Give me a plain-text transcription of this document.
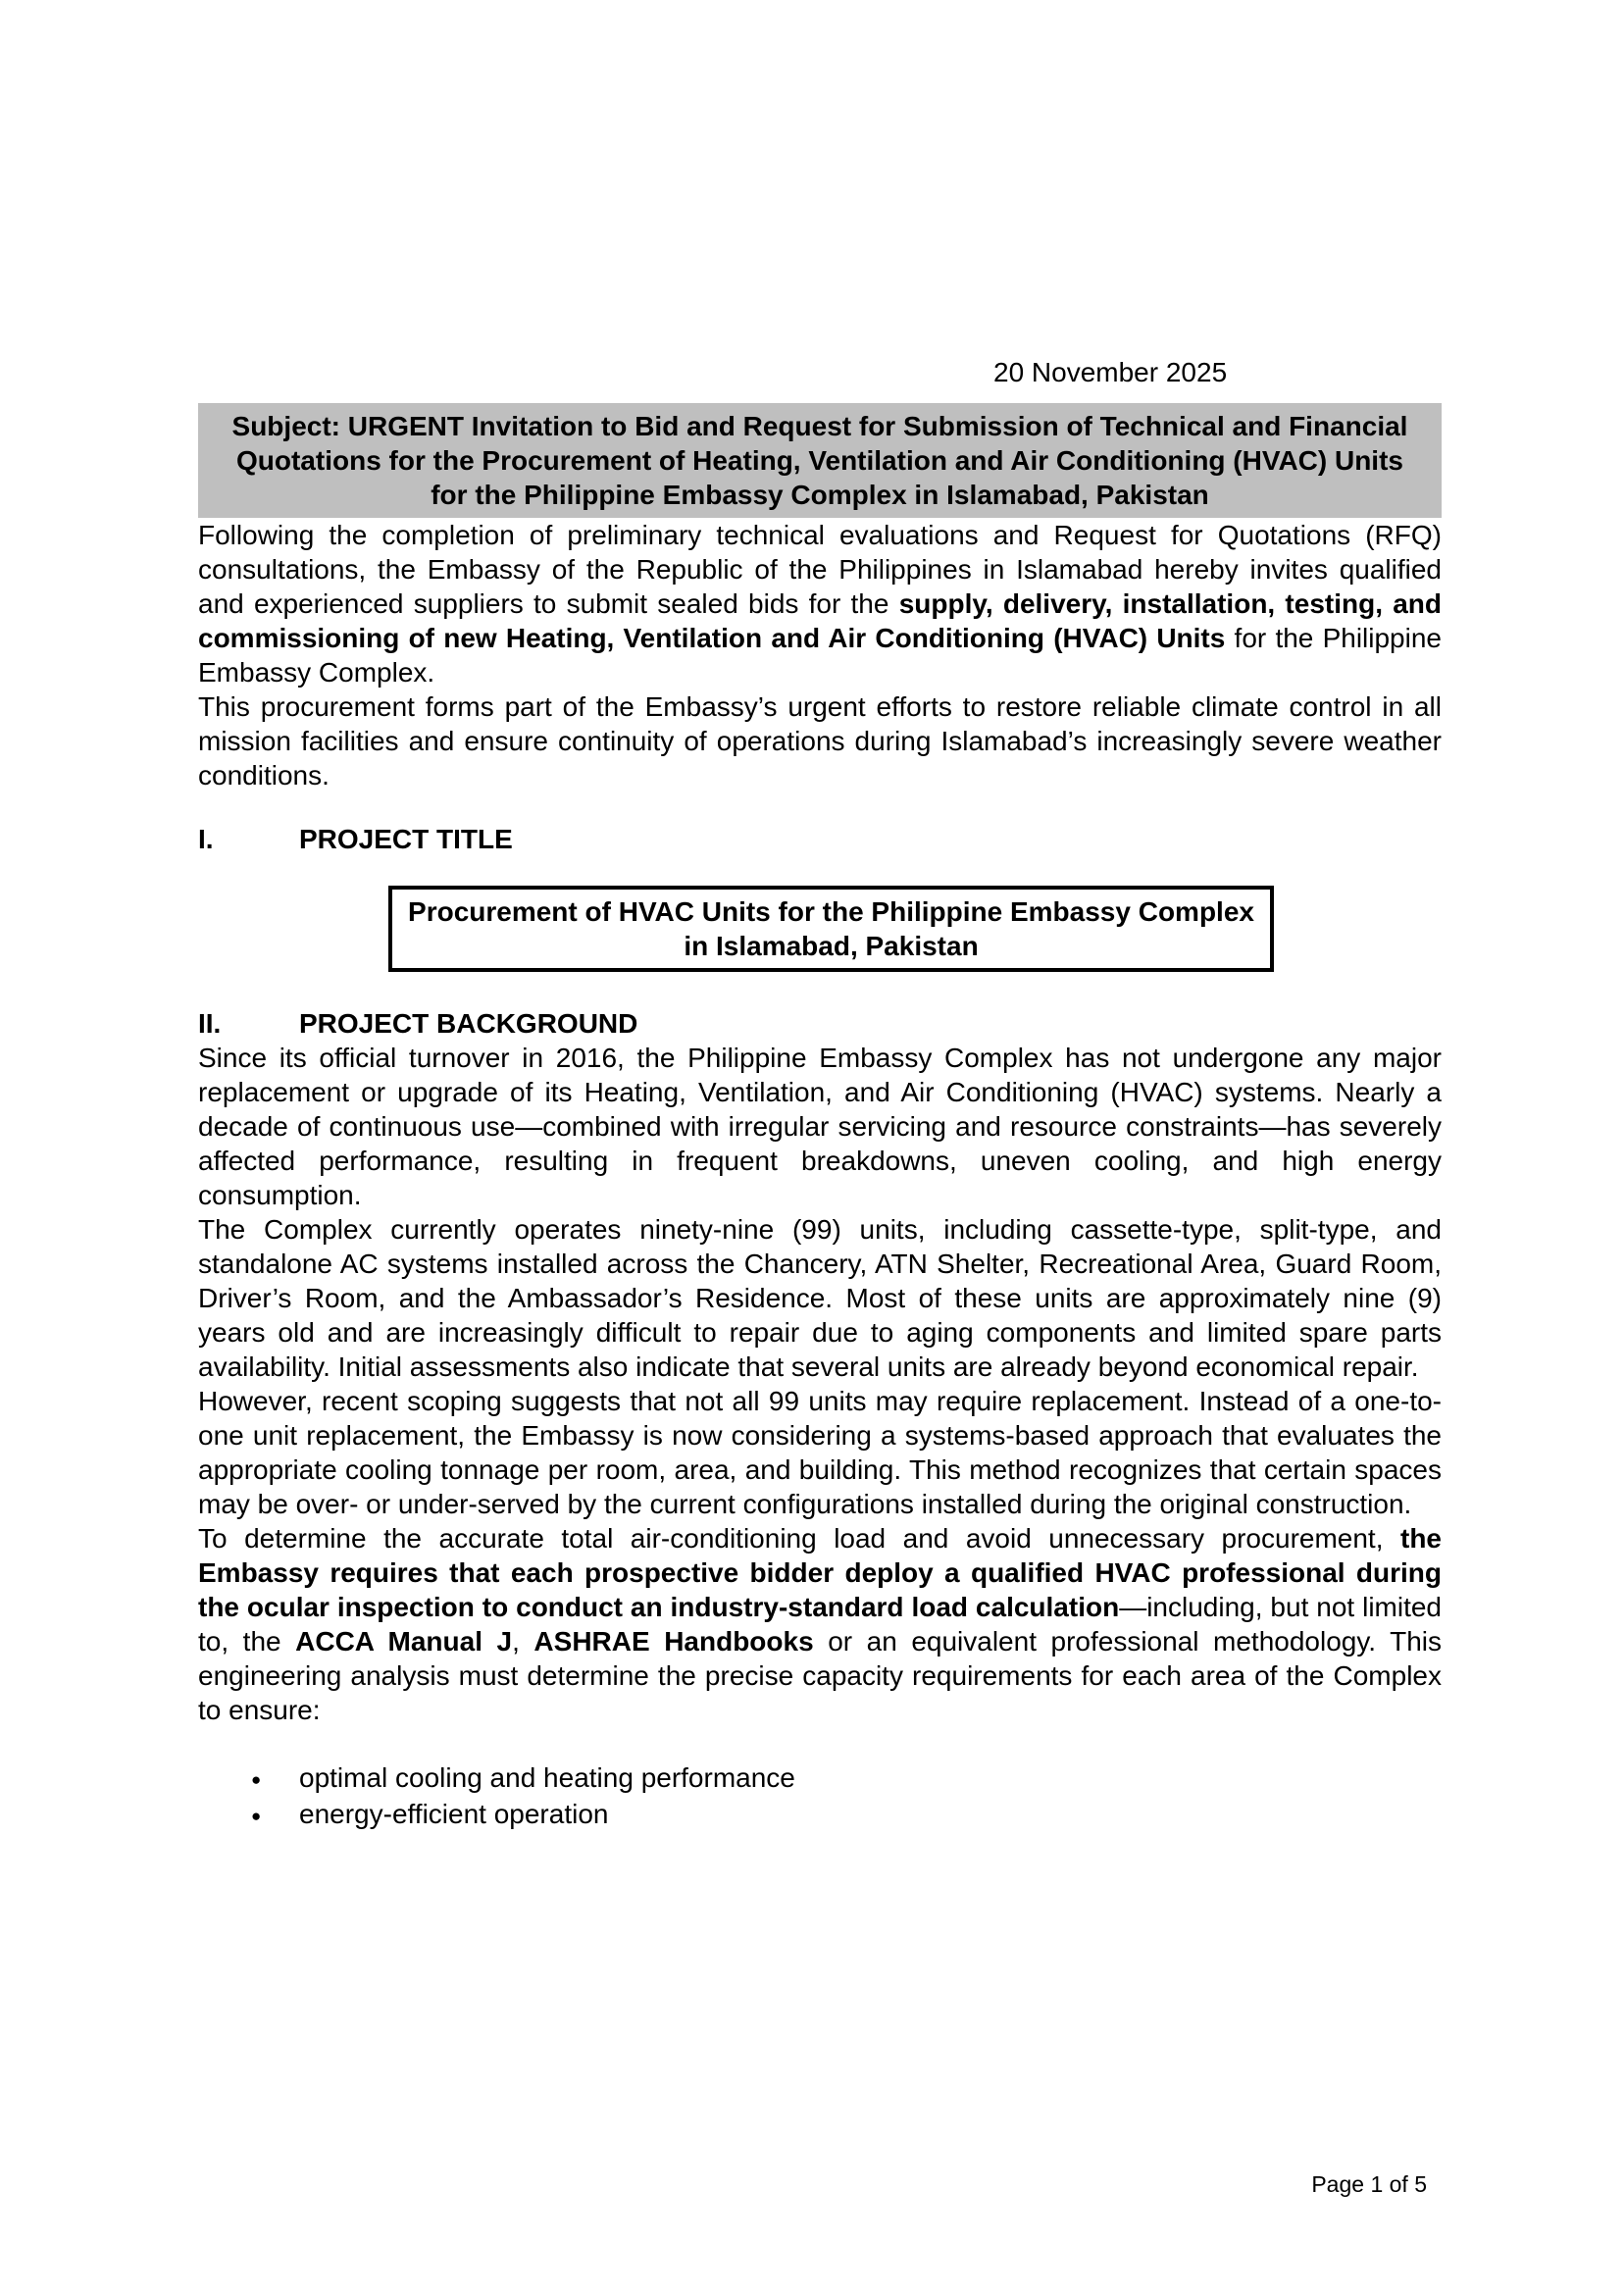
20 November 2025

Subject: URGENT Invitation to Bid and Request for Submission of Technical and Financial Quotations for the Procurement of Heating, Ventilation and Air Conditioning (HVAC) Units for the Philippine Embassy Complex in Islamabad, Pakistan

Following the completion of preliminary technical evaluations and Request for Quotations (RFQ) consultations, the Embassy of the Republic of the Philippines in Islamabad hereby invites qualified and experienced suppliers to submit sealed bids for the supply, delivery, installation, testing, and commissioning of new Heating, Ventilation and Air Conditioning (HVAC) Units for the Philippine Embassy Complex.

This procurement forms part of the Embassy’s urgent efforts to restore reliable climate control in all mission facilities and ensure continuity of operations during Islamabad’s increasingly severe weather conditions.

I.	PROJECT TITLE
Procurement of HVAC Units for the Philippine Embassy Complex in Islamabad, Pakistan
II.	PROJECT BACKGROUND

Since its official turnover in 2016, the Philippine Embassy Complex has not undergone any major replacement or upgrade of its Heating, Ventilation, and Air Conditioning (HVAC) systems. Nearly a decade of continuous use—combined with irregular servicing and resource constraints—has severely affected performance, resulting in frequent breakdowns, uneven cooling, and high energy consumption.

The Complex currently operates ninety-nine (99) units, including cassette-type, split-type, and standalone AC systems installed across the Chancery, ATN Shelter, Recreational Area, Guard Room, Driver’s Room, and the Ambassador’s Residence. Most of these units are approximately nine (9) years old and are increasingly difficult to repair due to aging components and limited spare parts availability. Initial assessments also indicate that several units are already beyond economical repair.

However, recent scoping suggests that not all 99 units may require replacement. Instead of a one-to-one unit replacement, the Embassy is now considering a systems-based approach that evaluates the appropriate cooling tonnage per room, area, and building. This method recognizes that certain spaces may be over- or under-served by the current configurations installed during the original construction.

To determine the accurate total air-conditioning load and avoid unnecessary procurement, the Embassy requires that each prospective bidder deploy a qualified HVAC professional during the ocular inspection to conduct an industry-standard load calculation—including, but not limited to, the ACCA Manual J, ASHRAE Handbooks or an equivalent professional methodology. This engineering analysis must determine the precise capacity requirements for each area of the Complex to ensure:

●
optimal cooling and heating performance
●
energy-efficient operation
Page 1 of 5
